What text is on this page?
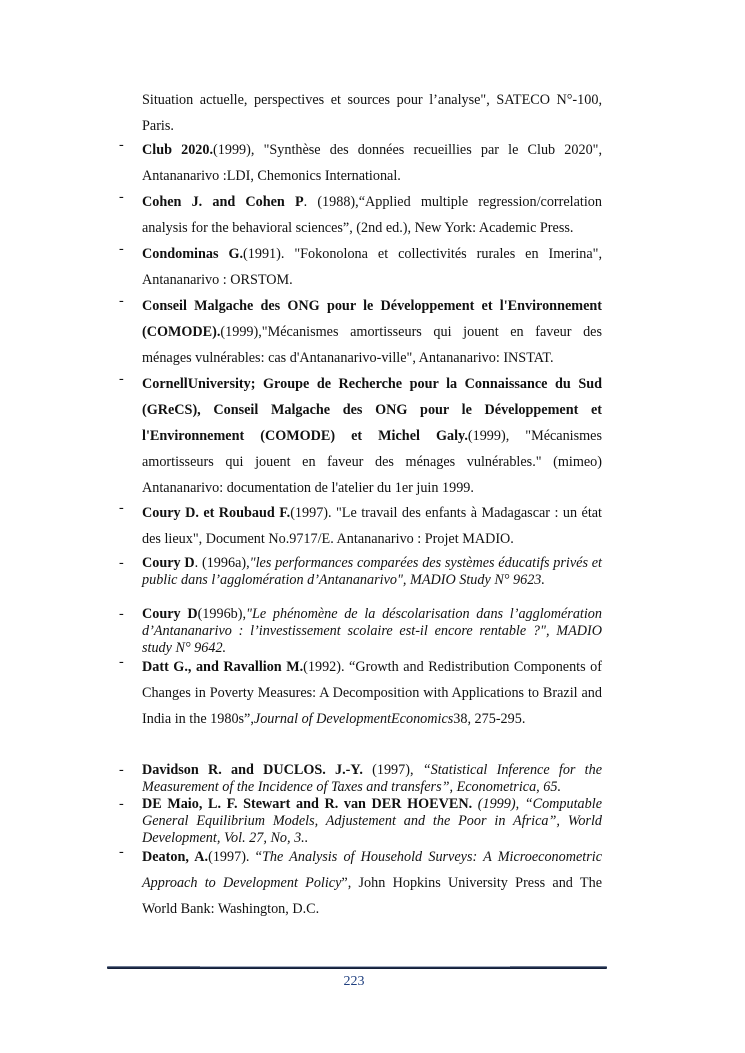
Situation actuelle, perspectives et sources pour l’analyse", SATECO N°-100, Paris.
-	Club 2020.(1999), "Synthèse des données recueillies par le Club 2020", Antananarivo :LDI, Chemonics International.
-	Cohen J. and Cohen P. (1988),“Applied multiple regression/correlation analysis for the behavioral sciences”, (2nd ed.), New York: Academic Press.
-	Condominas G.(1991). "Fokonolona et collectivités rurales en Imerina", Antananarivo : ORSTOM.
-	Conseil Malgache des ONG pour le Développement et l'Environnement (COMODE).(1999),"Mécanismes amortisseurs qui jouent en faveur des ménages vulnérables: cas d'Antananarivo-ville", Antananarivo: INSTAT.
-	CornellUniversity; Groupe de Recherche pour la Connaissance du Sud (GReCS), Conseil Malgache des ONG pour le Développement et l'Environnement (COMODE) et Michel Galy.(1999), "Mécanismes amortisseurs qui jouent en faveur des ménages vulnérables." (mimeo) Antananarivo: documentation de l'atelier du 1er juin 1999.
-	Coury D. et Roubaud F.(1997). "Le travail des enfants à Madagascar : un état des lieux", Document No.9717/E. Antananarivo : Projet MADIO.
-	Coury D. (1996a),"les performances comparées des systèmes éducatifs privés et public dans l’agglomération d’Antananarivo", MADIO Study N° 9623.
-	Coury D(1996b),"Le phénomène de la déscolarisation dans l’agglomération d’Antananarivo : l’investissement scolaire est-il encore rentable ?", MADIO study N° 9642.
-	Datt G., and Ravallion M.(1992). “Growth and Redistribution Components of Changes in Poverty Measures: A Decomposition with Applications to Brazil and India in the 1980s”,Journal of DevelopmentEconomics38, 275-295.
-	Davidson R. and DUCLOS. J.-Y. (1997), “Statistical Inference for the Measurement of the Incidence of Taxes and transfers”, Econometrica, 65.
-	DE Maio, L. F. Stewart and R. van DER HOEVEN. (1999), “Computable General Equilibrium Models, Adjustement and the Poor in Africa”, World Development, Vol. 27, No, 3..
-	Deaton, A.(1997). “The Analysis of Household Surveys: A Microeconometric Approach to Development Policy”, John Hopkins University Press and The World Bank: Washington, D.C.
223
